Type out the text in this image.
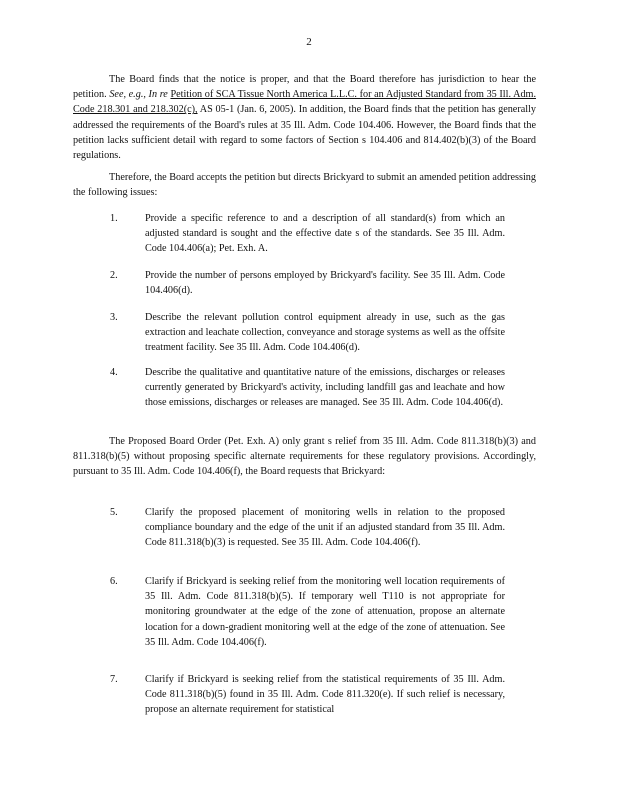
2
The Board finds that the notice is proper, and that the Board therefore has jurisdiction to hear the petition. See, e.g., In re Petition of SCA Tissue North America L.L.C. for an Adjusted Standard from 35 Ill. Adm. Code 218.301 and 218.302(c), AS 05-1 (Jan. 6, 2005). In addition, the Board finds that the petition has generally addressed the requirements of the Board's rules at 35 Ill. Adm. Code 104.406. However, the Board finds that the petition lacks sufficient detail with regard to some factors of Section s 104.406 and 814.402(b)(3) of the Board regulations.
Therefore, the Board accepts the petition but directs Brickyard to submit an amended petition addressing the following issues:
1.	Provide a specific reference to and a description of all standard(s) from which an adjusted standard is sought and the effective date s of the standards. See 35 Ill. Adm. Code 104.406(a); Pet. Exh. A.
2.	Provide the number of persons employed by Brickyard's facility. See 35 Ill. Adm. Code 104.406(d).
3.	Describe the relevant pollution control equipment already in use, such as the gas extraction and leachate collection, conveyance and storage systems as well as the offsite treatment facility. See 35 Ill. Adm. Code 104.406(d).
4.	Describe the qualitative and quantitative nature of the emissions, discharges or releases currently generated by Brickyard's activity, including landfill gas and leachate and how those emissions, discharges or releases are managed. See 35 Ill. Adm. Code 104.406(d).
The Proposed Board Order (Pet. Exh. A) only grant s relief from 35 Ill. Adm. Code 811.318(b)(3) and 811.318(b)(5) without proposing specific alternate requirements for these regulatory provisions. Accordingly, pursuant to 35 Ill. Adm. Code 104.406(f), the Board requests that Brickyard:
5.	Clarify the proposed placement of monitoring wells in relation to the proposed compliance boundary and the edge of the unit if an adjusted standard from 35 Ill. Adm. Code 811.318(b)(3) is requested. See 35 Ill. Adm. Code 104.406(f).
6.	Clarify if Brickyard is seeking relief from the monitoring well location requirements of 35 Ill. Adm. Code 811.318(b)(5). If temporary well T110 is not appropriate for monitoring groundwater at the edge of the zone of attenuation, propose an alternate location for a down-gradient monitoring well at the edge of the zone of attenuation. See 35 Ill. Adm. Code 104.406(f).
7.	Clarify if Brickyard is seeking relief from the statistical requirements of 35 Ill. Adm. Code 811.318(b)(5) found in 35 Ill. Adm. Code 811.320(e). If such relief is necessary, propose an alternate requirement for statistical
